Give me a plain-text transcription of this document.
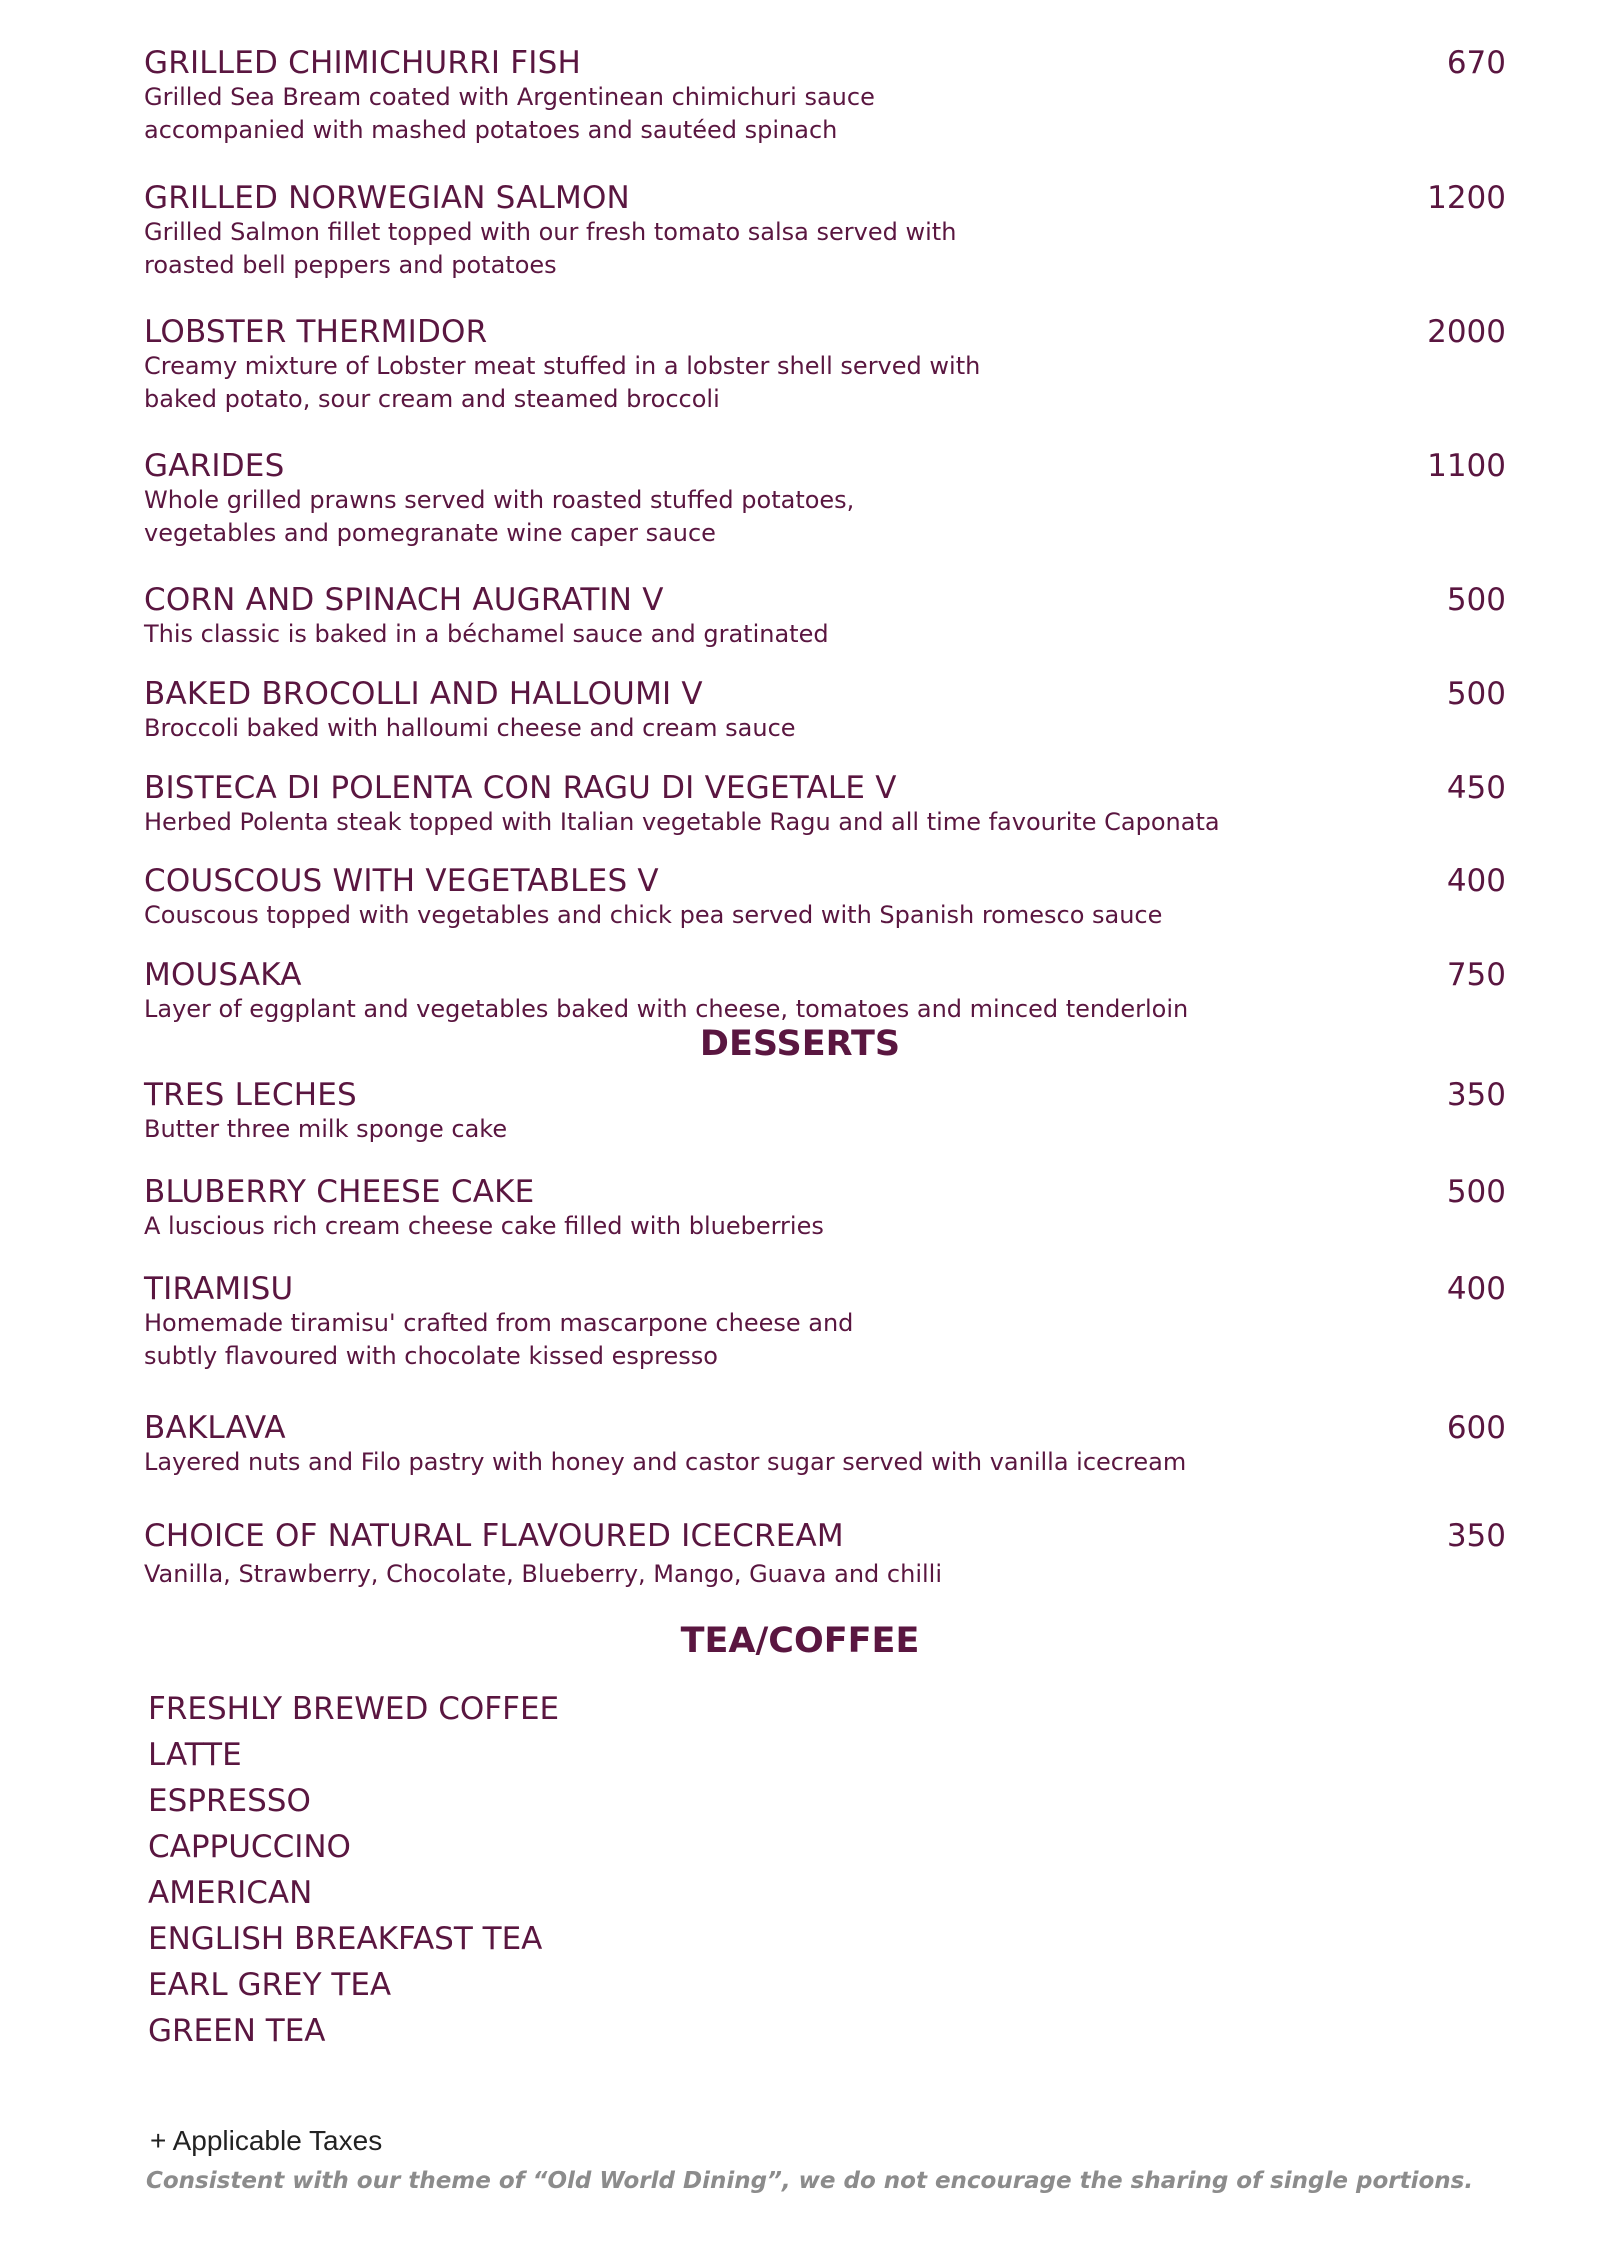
GRILLED CHIMICHURRI FISH	670
Grilled Sea Bream coated with Argentinean chimichuri sauce
accompanied with mashed potatoes and sautéed spinach
GRILLED NORWEGIAN SALMON	1200
Grilled Salmon fillet topped with our fresh tomato salsa served with
roasted bell peppers and potatoes
LOBSTER THERMIDOR	2000
Creamy mixture of Lobster meat stuffed in a lobster shell served with
baked potato, sour cream and steamed broccoli
GARIDES	1100
Whole grilled prawns served with roasted stuffed potatoes,
vegetables and pomegranate wine caper sauce
CORN AND SPINACH AUGRATIN V	500
This classic is baked in a béchamel sauce and gratinated
BAKED BROCOLLI AND HALLOUMI V	500
Broccoli baked with halloumi cheese and cream sauce
BISTECA DI POLENTA CON RAGU DI VEGETALE V	450
Herbed Polenta steak topped with Italian vegetable Ragu and all time favourite Caponata
COUSCOUS WITH VEGETABLES V	400
Couscous topped with vegetables and chick pea served with Spanish romesco sauce
MOUSAKA	750
Layer of eggplant and vegetables baked with cheese, tomatoes and minced tenderloin
DESSERTS
TRES LECHES	350
Butter three milk sponge cake
BLUBERRY CHEESE CAKE	500
A luscious rich cream cheese cake filled with blueberries
TIRAMISU	400
Homemade tiramisu' crafted from mascarpone cheese and
subtly flavoured with chocolate kissed espresso
BAKLAVA	600
Layered nuts and Filo pastry with honey and castor sugar served with vanilla icecream
CHOICE OF NATURAL FLAVOURED ICECREAM	350
Vanilla, Strawberry, Chocolate, Blueberry, Mango, Guava and chilli
TEA/COFFEE
FRESHLY BREWED COFFEE
LATTE
ESPRESSO
CAPPUCCINO
AMERICAN
ENGLISH BREAKFAST TEA
EARL GREY TEA
GREEN TEA
+ Applicable Taxes
Consistent with our theme of “Old World Dining”, we do not encourage the sharing of single portions.
